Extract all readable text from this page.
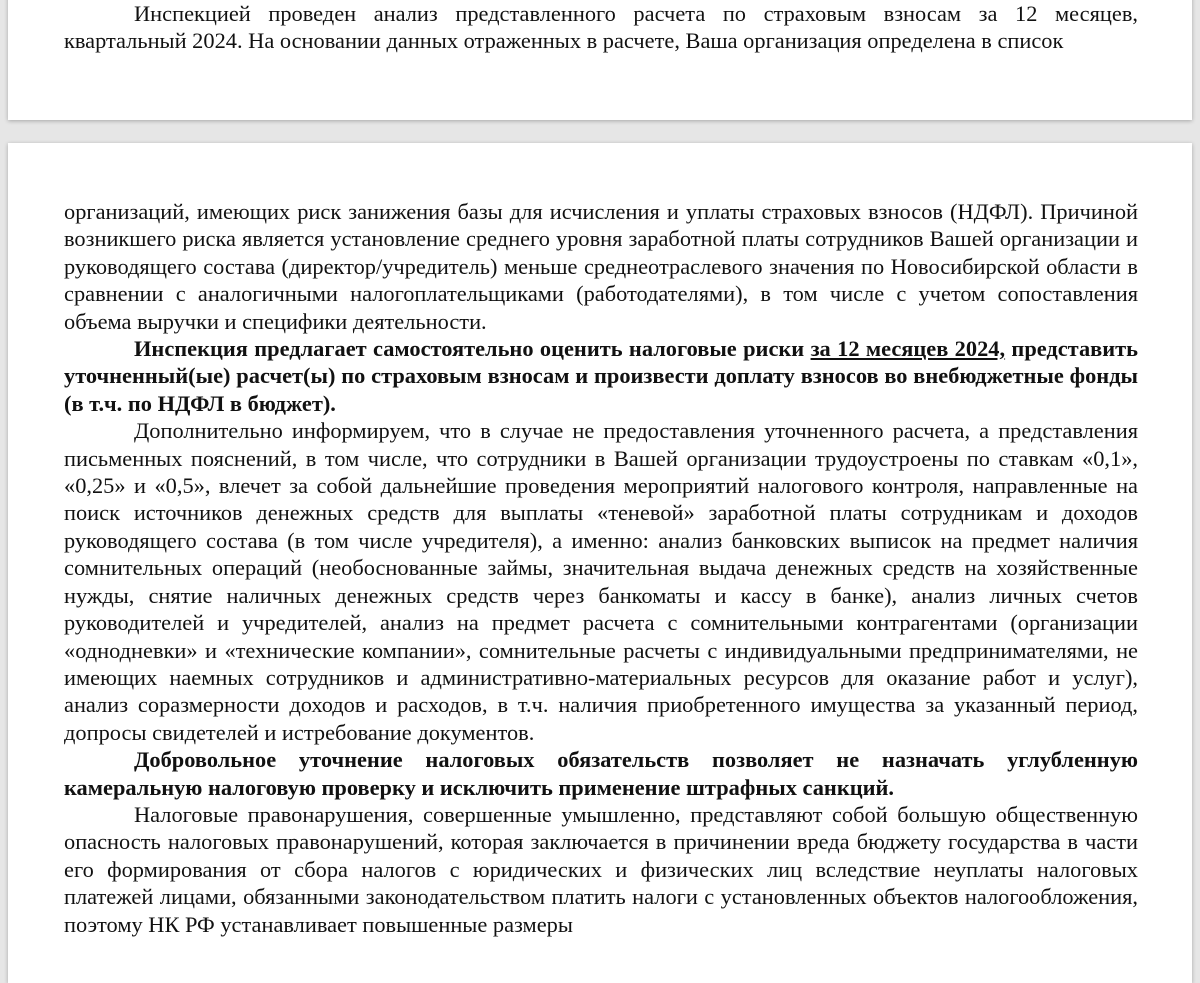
Инспекцией проведен анализ представленного расчета по страховым взносам за 12 месяцев, квартальный 2024. На основании данных отраженных в расчете, Ваша организация определена в список

организаций, имеющих риск занижения базы для исчисления и уплаты страховых взносов (НДФЛ). Причиной возникшего риска является установление среднего уровня заработной платы сотрудников Вашей организации и руководящего состава (директор/учредитель) меньше среднеотраслевого значения по Новосибирской области в сравнении с аналогичными налогоплательщиками (работодателями), в том числе с учетом сопоставления объема выручки и специфики деятельности.

Инспекция предлагает самостоятельно оценить налоговые риски за 12 месяцев 2024, представить уточненный(ые) расчет(ы) по страховым взносам и произвести доплату взносов во внебюджетные фонды (в т.ч. по НДФЛ в бюджет).

Дополнительно информируем, что в случае не предоставления уточненного расчета, а представления письменных пояснений, в том числе, что сотрудники в Вашей организации трудоустроены по ставкам «0,1», «0,25» и «0,5», влечет за собой дальнейшие проведения мероприятий налогового контроля, направленные на поиск источников денежных средств для выплаты «теневой» заработной платы сотрудникам и доходов руководящего состава (в том числе учредителя), а именно: анализ банковских выписок на предмет наличия сомнительных операций (необоснованные займы, значительная выдача денежных средств на хозяйственные нужды, снятие наличных денежных средств через банкоматы и кассу в банке), анализ личных счетов руководителей и учредителей, анализ на предмет расчета с сомнительными контрагентами (организации «однодневки» и «технические компании», сомнительные расчеты с индивидуальными предпринимателями, не имеющих наемных сотрудников и административно-материальных ресурсов для оказание работ и услуг), анализ соразмерности доходов и расходов, в т.ч. наличия приобретенного имущества за указанный период, допросы свидетелей и истребование документов.

Добровольное уточнение налоговых обязательств позволяет не назначать углубленную камеральную налоговую проверку и исключить применение штрафных санкций.

Налоговые правонарушения, совершенные умышленно, представляют собой большую общественную опасность налоговых правонарушений, которая заключается в причинении вреда бюджету государства в части его формирования от сбора налогов с юридических и физических лиц вследствие неуплаты налоговых платежей лицами, обязанными законодательством платить налоги с установленных объектов налогообложения, поэтому НК РФ устанавливает повышенные размеры
